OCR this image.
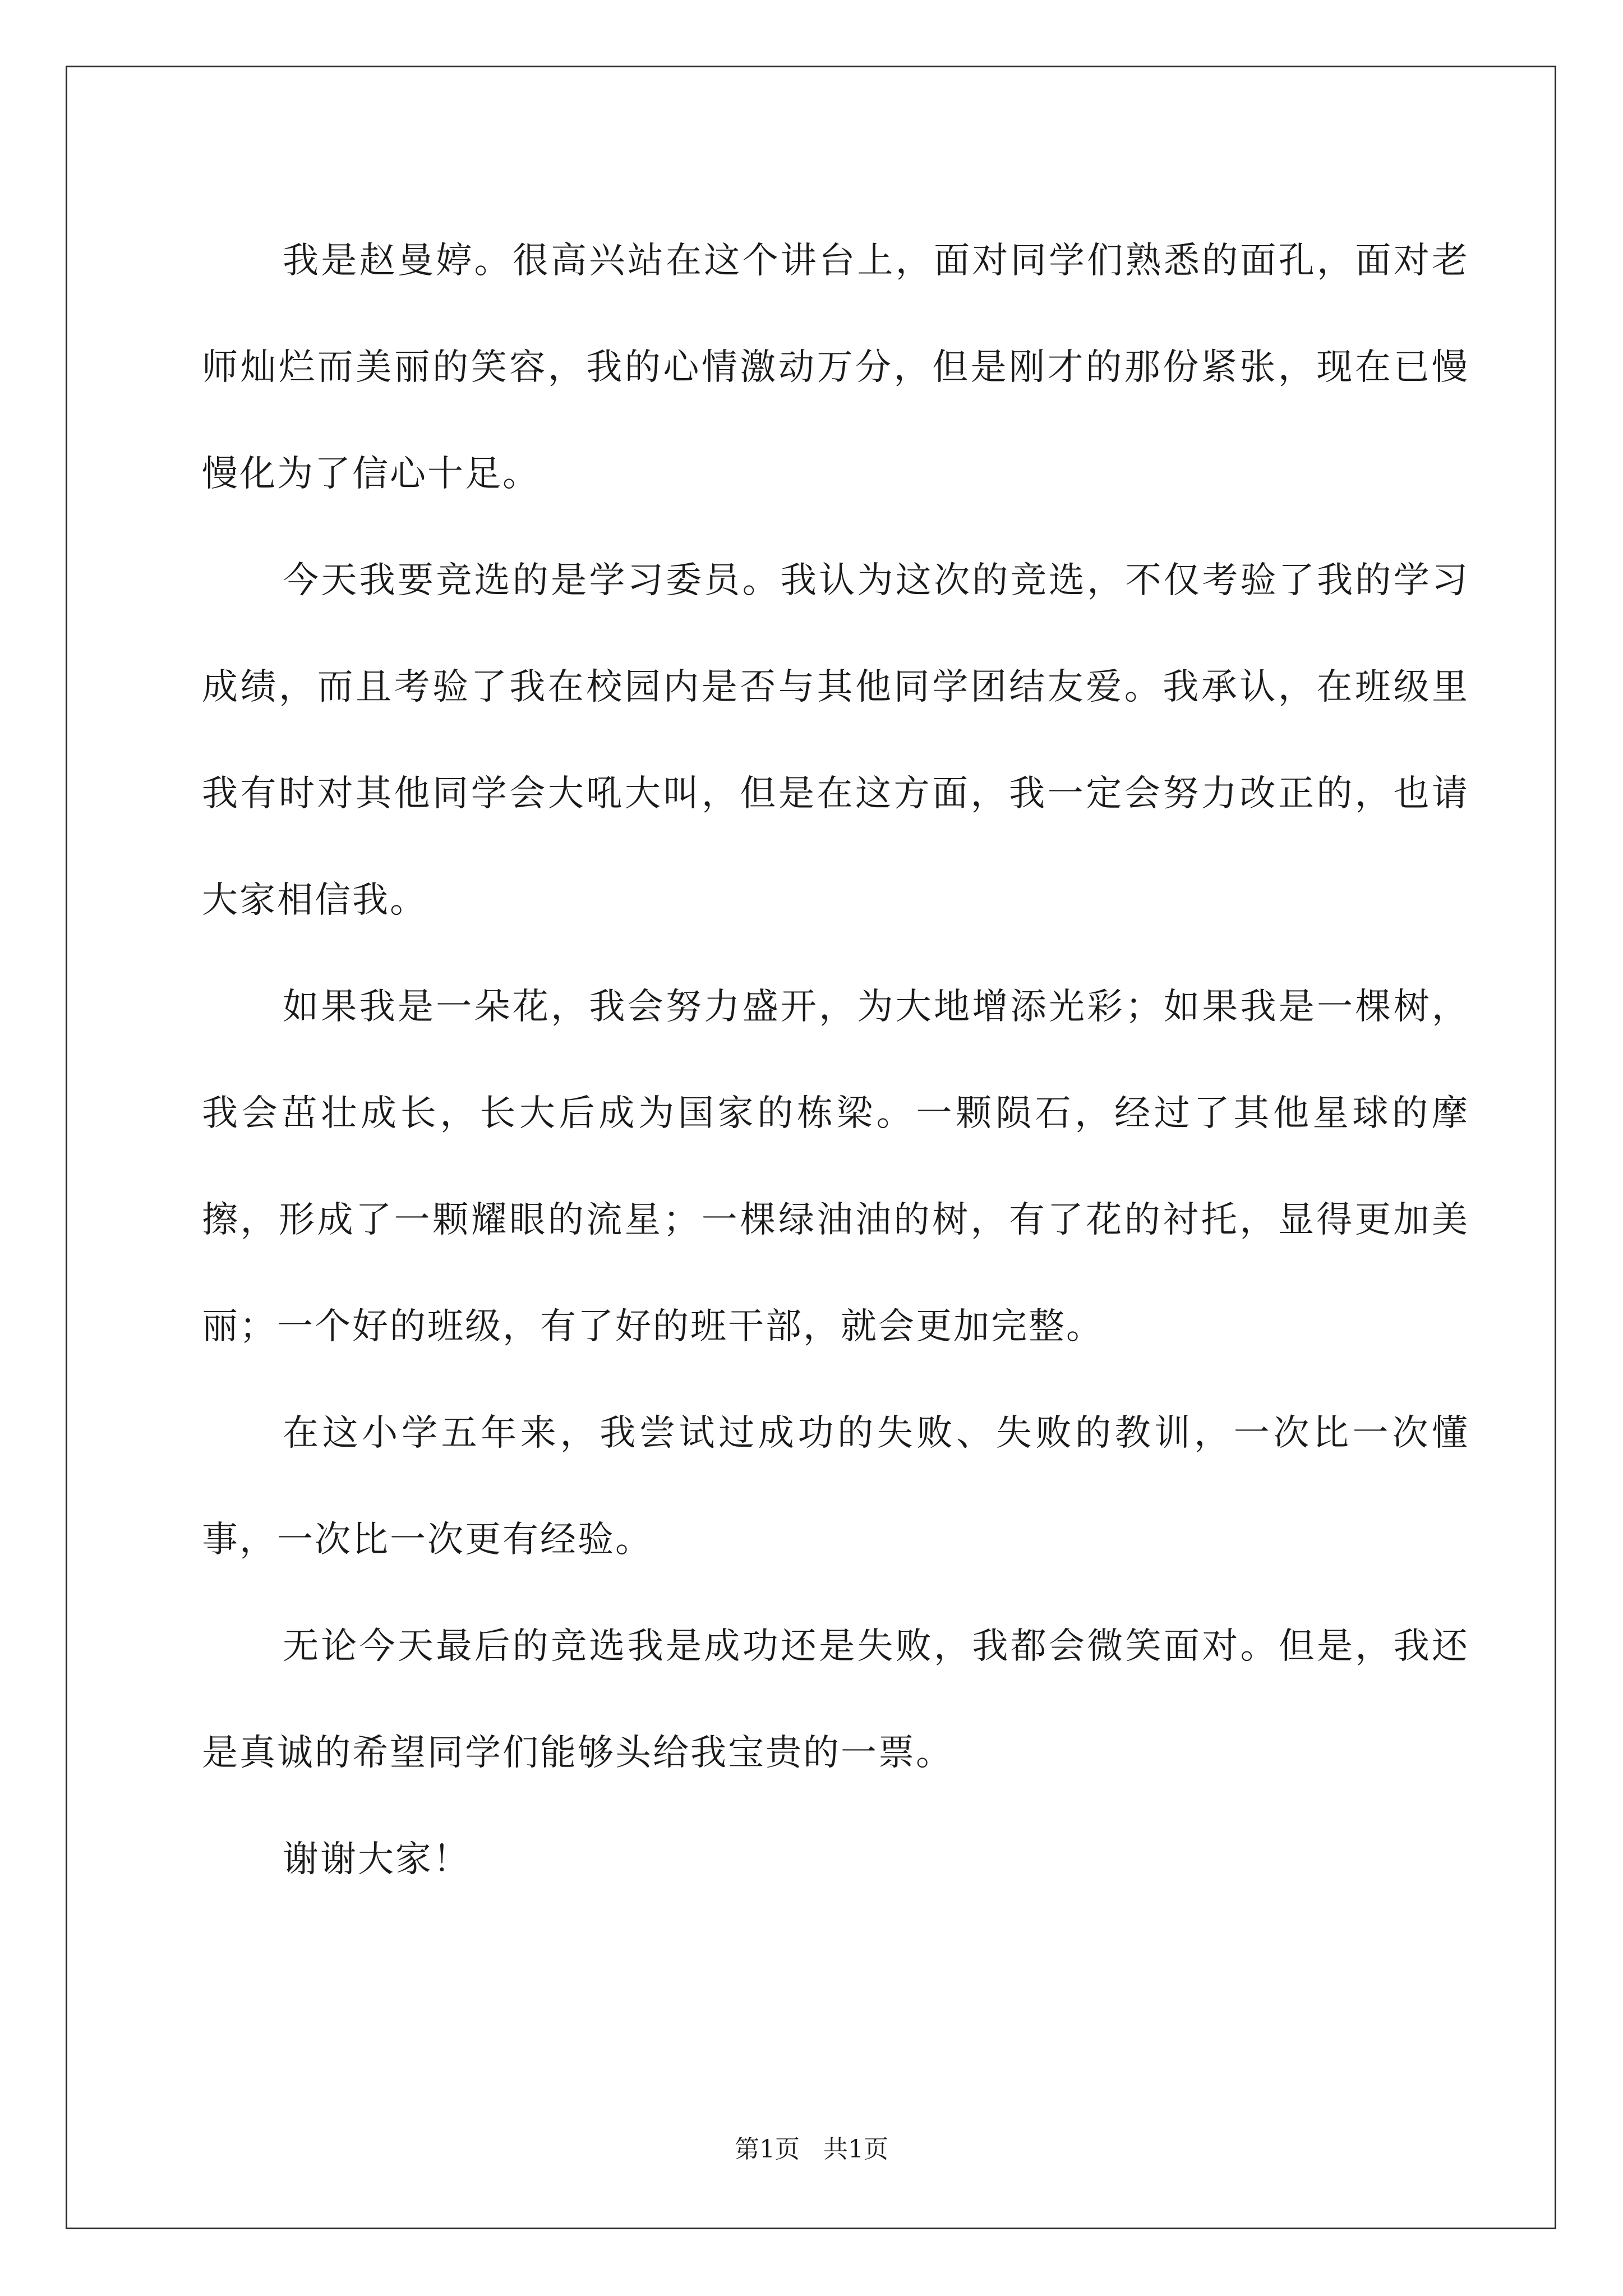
我是赵曼婷。很高兴站在这个讲台上，面对同学们熟悉的面孔，面对老师灿烂而美丽的笑容，我的心情激动万分，但是刚才的那份紧张，现在已慢慢化为了信心十足。

今天我要竞选的是学习委员。我认为这次的竞选，不仅考验了我的学习成绩，而且考验了我在校园内是否与其他同学团结友爱。我承认，在班级里我有时对其他同学会大吼大叫，但是在这方面，我一定会努力改正的，也请大家相信我。

如果我是一朵花，我会努力盛开，为大地增添光彩；如果我是一棵树，我会茁壮成长，长大后成为国家的栋梁。一颗陨石，经过了其他星球的摩擦，形成了一颗耀眼的流星；一棵绿油油的树，有了花的衬托，显得更加美丽；一个好的班级，有了好的班干部，就会更加完整。

在这小学五年来，我尝试过成功的失败、失败的教训，一次比一次懂事，一次比一次更有经验。

无论今天最后的竞选我是成功还是失败，我都会微笑面对。但是，我还是真诚的希望同学们能够头给我宝贵的一票。

谢谢大家！

第1页 共1页
